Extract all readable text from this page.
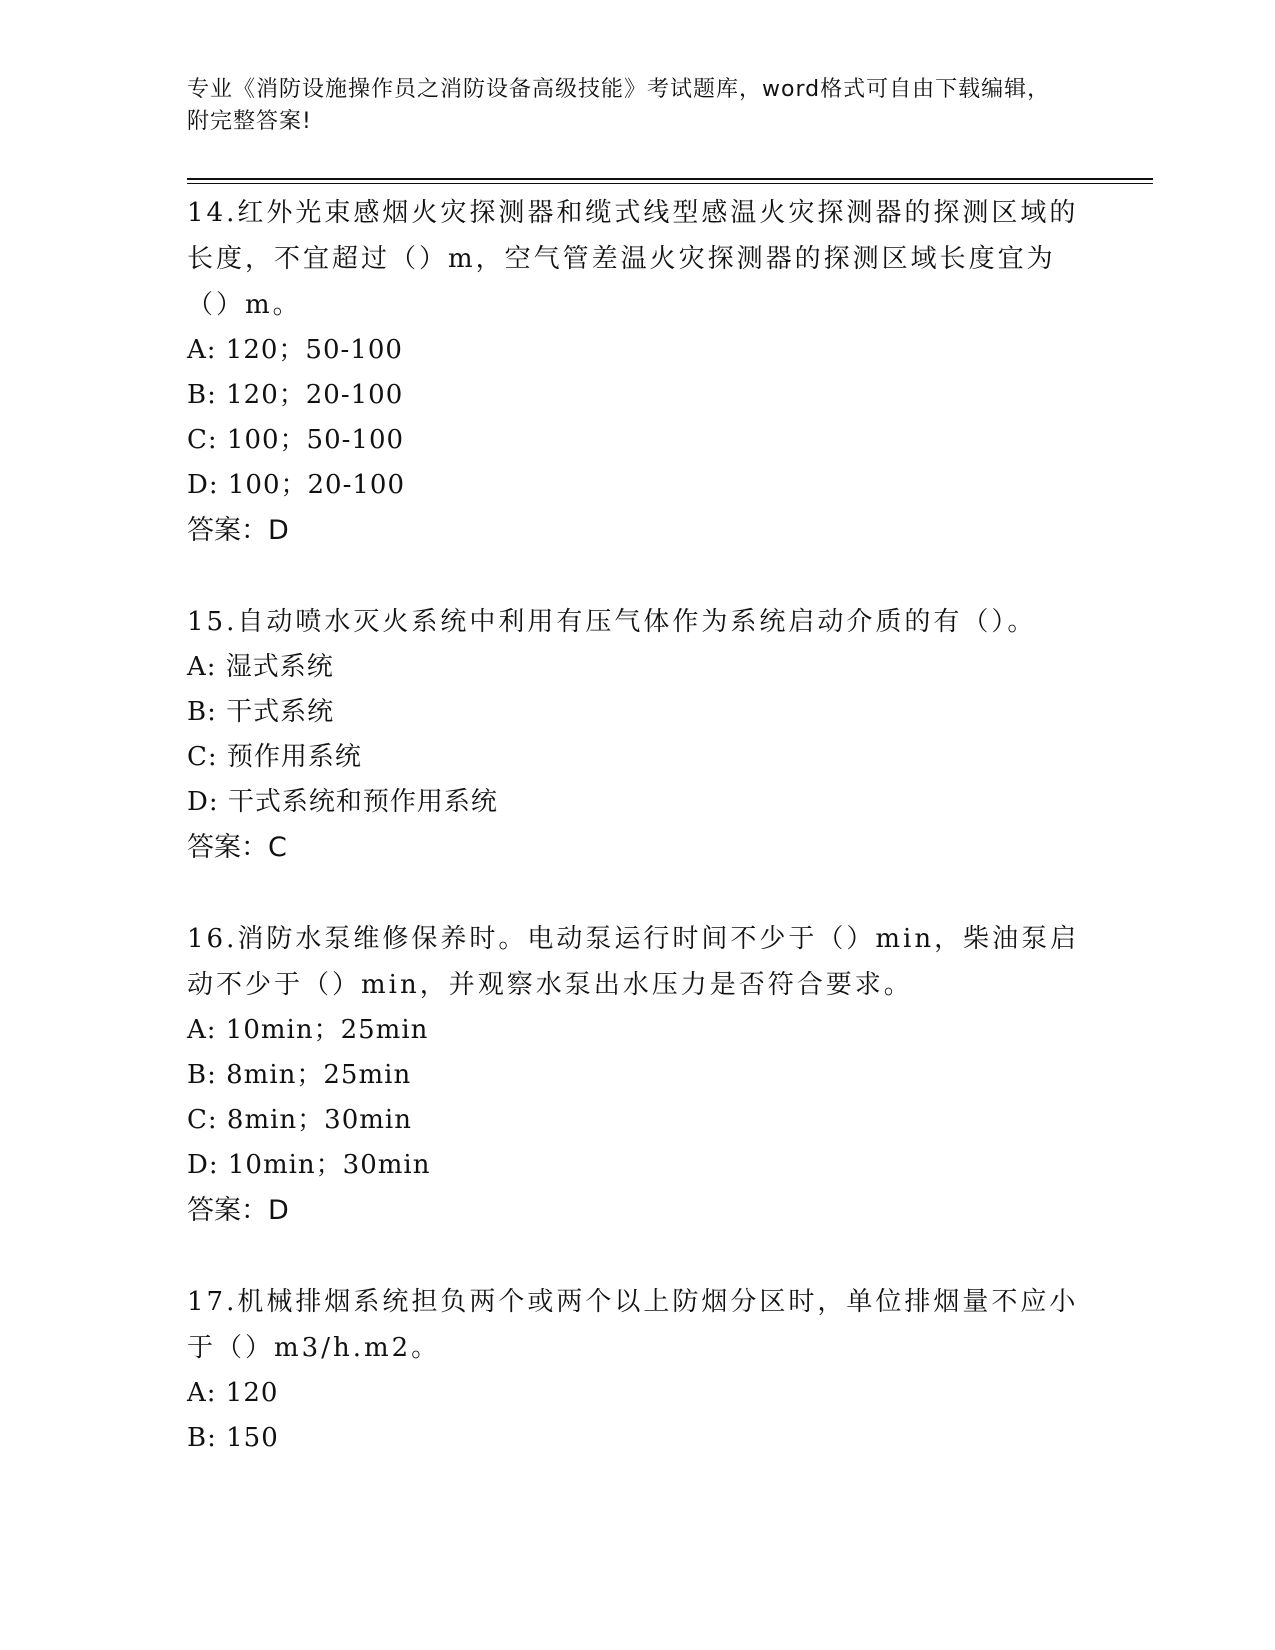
专业《消防设施操作员之消防设备高级技能》考试题库，word格式可自由下载编辑，附完整答案!

14.红外光束感烟火灾探测器和缆式线型感温火灾探测器的探测区域的长度，不宜超过（）m，空气管差温火灾探测器的探测区域长度宜为（）m。

A: 120；50-100

B: 120；20-100

C: 100；50-100

D: 100；20-100

答案：D

15.自动喷水灭火系统中利用有压气体作为系统启动介质的有（）。

A: 湿式系统

B: 干式系统

C: 预作用系统

D: 干式系统和预作用系统

答案：C

16.消防水泵维修保养时。电动泵运行时间不少于（）min，柴油泵启动不少于（）min，并观察水泵出水压力是否符合要求。

A: 10min；25min

B: 8min；25min

C: 8min；30min

D: 10min；30min

答案：D

17.机械排烟系统担负两个或两个以上防烟分区时，单位排烟量不应小于（）m3/h.m2。

A: 120

B: 150
